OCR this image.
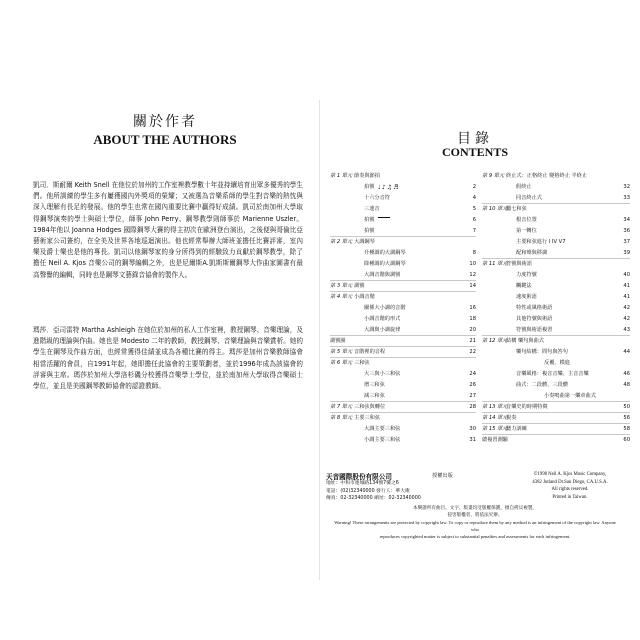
關於作者
ABOUT THE AUTHORS
凱司．斯耐爾 Keith Snell 在他位於加州的工作室裡教學數十年並持續培育出眾多優秀的學生們。他所訓練的學生多有屢獲國內外獎項的榮耀；又被選為音樂系師的學生對音樂的熱忱與深入理解有長足的發展。他的學生也常在國內重要比賽中贏得好成績。凱司於南加州大學取得鋼琴演奏的學士與碩士學位，師事 John Perry、鋼琴教學則師事於 Marienne Uszler。1984年他以 Joanna Hodges 國際鋼琴大賽的得主初次在歐洲登台演出，之後便與哥倫比亞藝術家公司簽約，在全美及世界各地巡迴演出。他也經常舉辦大師班並擔任比賽評審，室內樂及爵士樂也是他的專長。凱司以他鋼琴家的身分所得到的經驗致力貢獻於鋼琴教學，除了擔任 Neil A. Kjos 音樂公司的鋼琴編輯之外，也是尼爾斯A.凱斯斯爾鋼琴大作曲家圖書有最高聲譽的編輯，同時也是鋼琴文藝錄音協會的製作人。
瑪莎．亞司雷特 Martha Ashleigh 在她位於加州的私人工作室裡，教授鋼琴、音樂理論，及進階級的理論與作曲。她也是 Modesto 二年的教師，教授鋼琴、音樂理論與音樂賞析。她的學生在鋼琴及作曲方面，也經常獲得佳績並成為各種比賽的得主。瑪莎是加州音樂教師協會相當活躍的會員，自1991年起，她即擔任此協會的主要策劃者，並於1996年成為該協會的評審與主席。瑪莎於加州大學洛杉磯分校獲得音樂學士學位，並於南加州大學取得音樂碩士學位，並且是美國鋼琴教師協會的認證教師。
目錄
CONTENTS
第 1 單元 節奏與節拍
拍號 ♩♪♫♬	2
十六分音符	4
三連音	5
拍號	6
拍號	7
第 2 單元 大調鋼琴
升種調的大調鋼琴	8
降種調的大調鋼琴	10
大調音階與調號	12
第 3 單元 調號	14
第 4 單元 小調音階
關係大小調的音階	16
小調音階的形式	18
大調與小調旋律	20
調號圈	21
第 5 單元 音階裡的音程	22
第 6 單元 三和弦
大三與小三和弦	24
增三和弦	26
減三和弦	27
第 7 單元 三和弦與轉位	28
第 8 單元 主要三和弦
大調主要三和弦	30
小調主要三和弦	31
第 9 單元 終止式：正格終止 變格終止 半終止
假終止	32
同音終止式	33
第 10 單元
屬七和弦
根音位置	34
第一轉位	36
主要和弦進行 I IV V7	37
配和聲與移調	39
第 11 單元
符號與術語
力度符號	40
觸鍵法	41
速度術語	41
特性或風格術語	42
其他符號與術語	42
符號與術語複習	43
第 12 單元
結構 樂句與曲式
樂句結構：問句與答句	44
反覆、模進
音樂風格：複音音樂、主音音樂	46
曲式：二段體、三段體	48
小奏鳴曲第一樂章曲式
第 13 單元
音樂史的時期特徵	50
第 14 單元
視奏	56
第 15 單元
聽力訓練	58
總複習測驗	60
天音國際股份有限公司	授權出版
地址：中和市連城路134號7樓之6
電話：(02)32340000 發行人：華大衛
傳真：02-32340000 網址：02-32340000
©1998 Neil A. Kjos Music Company,
4382 Jutland Dr.San Diego, CA.U.S.A.
All rights reserved.
Printed in Taiwan.
本樂譜所有曲目、文字、版畫均受版權保護，擅自拷貝複製，
侵害版權者，將依法究辦。
Warning! These arrangements are protected by copyright law. To copy or reproduce them by any method is an infringement of the copyright law. Anyone who
reproduces copyrighted matter is subject to substantial penalties and assessments for each infringement.
